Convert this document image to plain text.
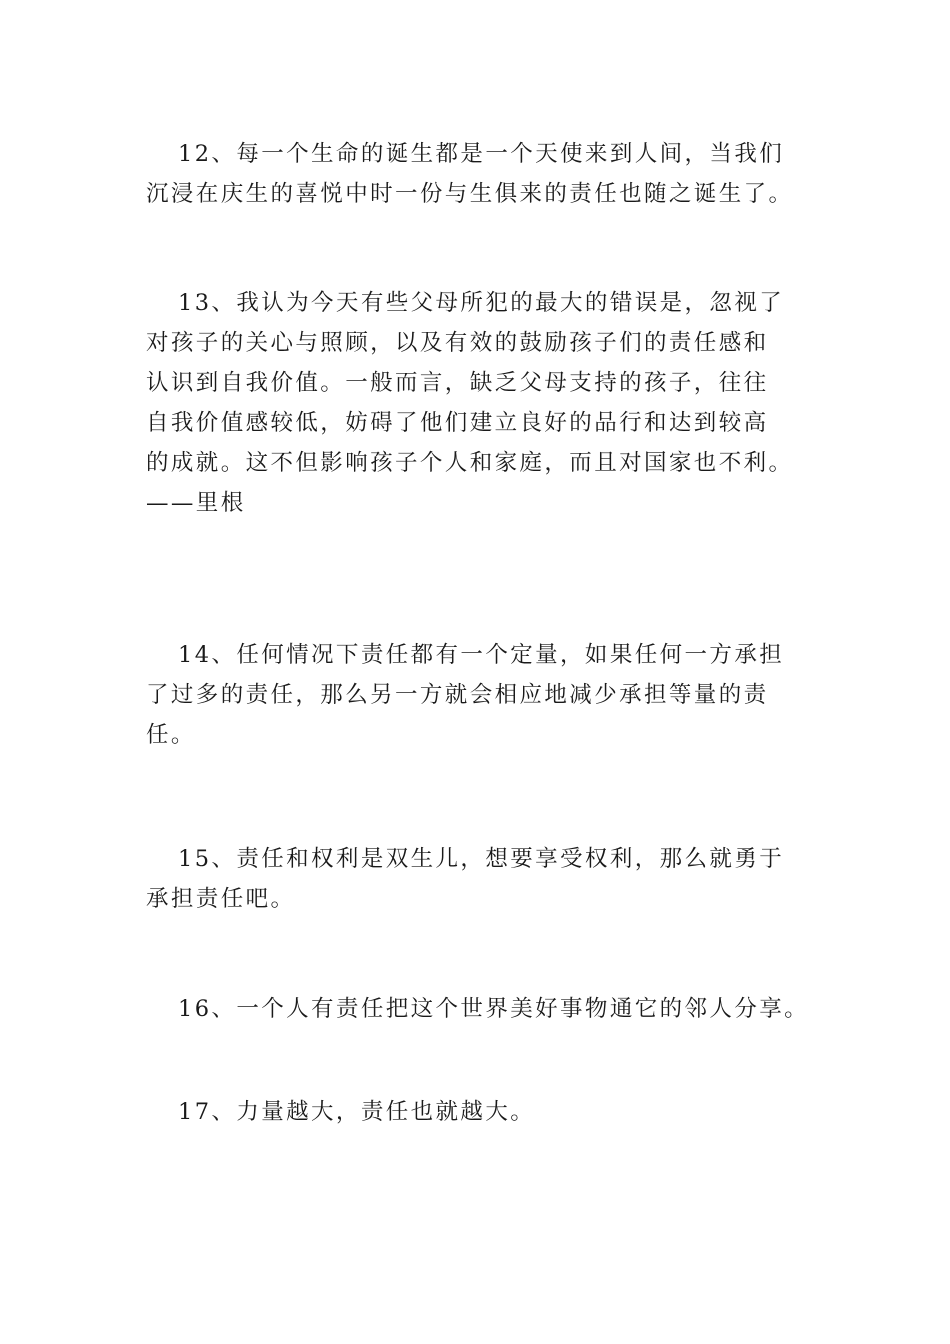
12、每一个生命的诞生都是一个天使来到人间，当我们
沉浸在庆生的喜悦中时一份与生俱来的责任也随之诞生了。
13、我认为今天有些父母所犯的最大的错误是，忽视了
对孩子的关心与照顾，以及有效的鼓励孩子们的责任感和
认识到自我价值。一般而言，缺乏父母支持的孩子，往往
自我价值感较低，妨碍了他们建立良好的品行和达到较高
的成就。这不但影响孩子个人和家庭，而且对国家也不利。
——里根
14、任何情况下责任都有一个定量，如果任何一方承担
了过多的责任，那么另一方就会相应地减少承担等量的责
任。
15、责任和权利是双生儿，想要享受权利，那么就勇于
承担责任吧。
16、一个人有责任把这个世界美好事物通它的邻人分享。
17、力量越大，责任也就越大。
